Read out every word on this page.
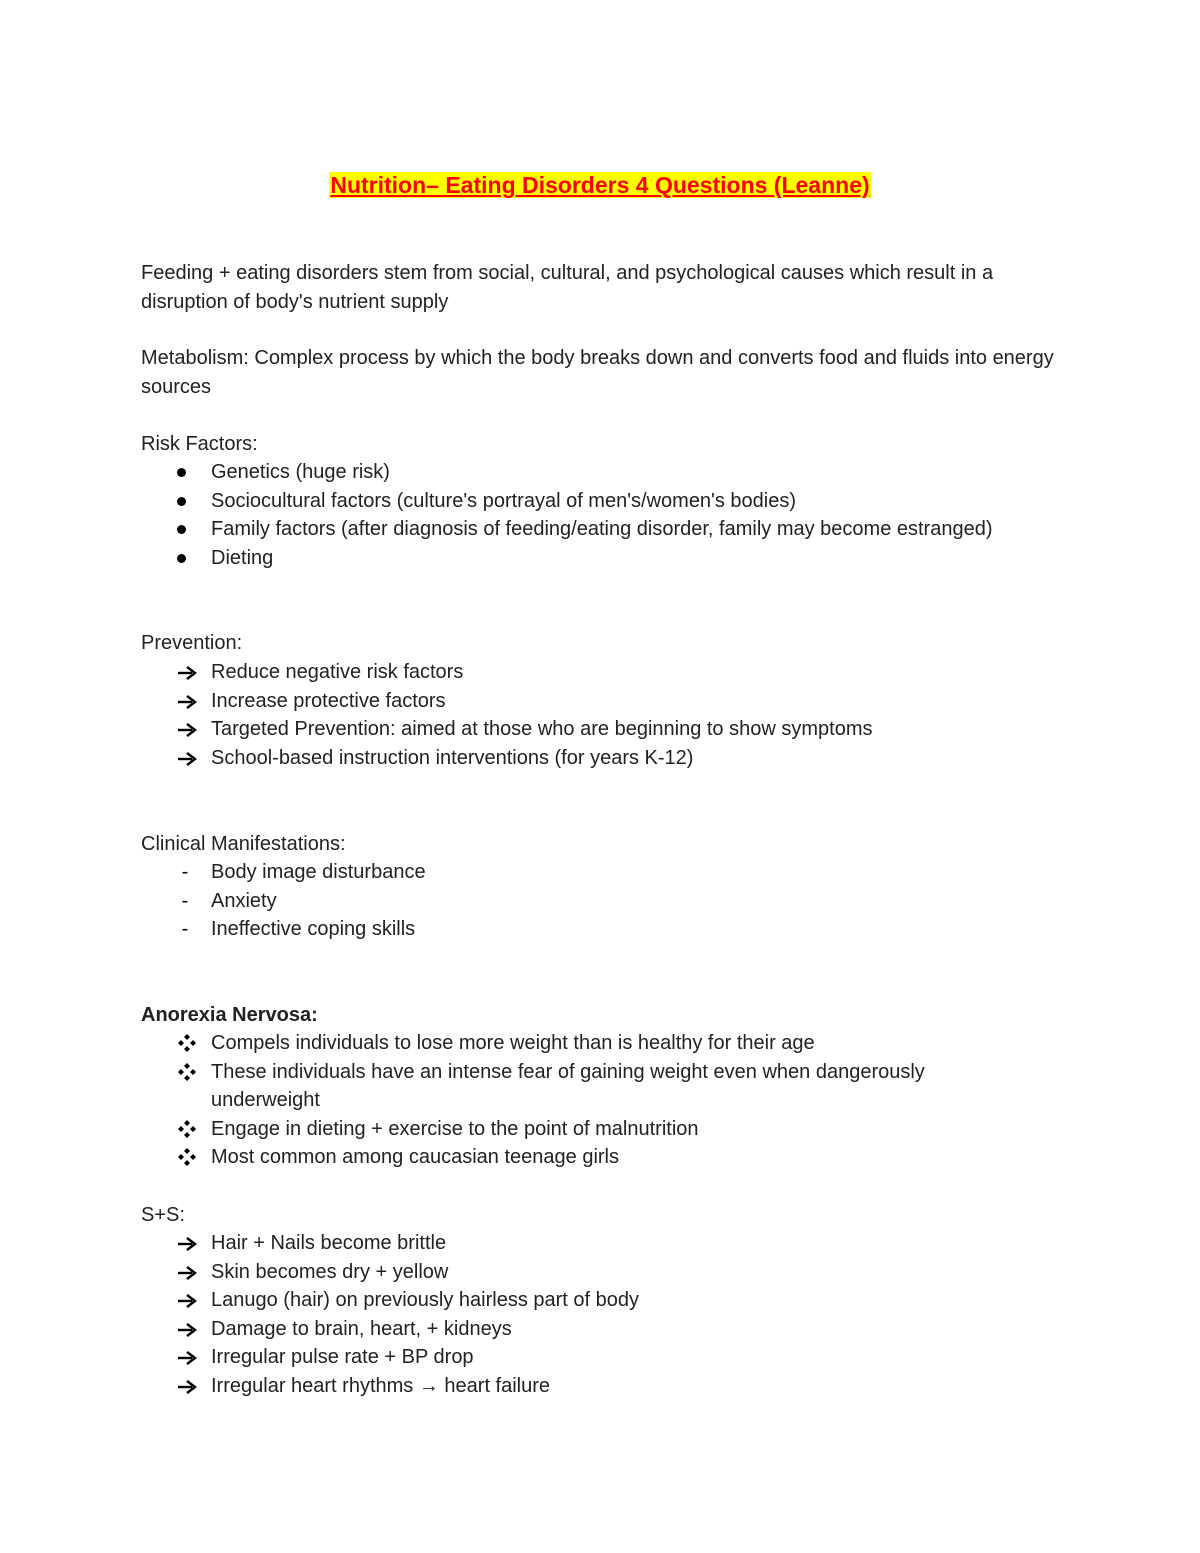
Nutrition– Eating Disorders 4 Questions (Leanne)

Feeding + eating disorders stem from social, cultural, and psychological causes which result in a disruption of body's nutrient supply

Metabolism: Complex process by which the body breaks down and converts food and fluids into energy sources

Risk Factors:

Genetics (huge risk)
Sociocultural factors (culture's portrayal of men's/women's bodies)
Family factors (after diagnosis of feeding/eating disorder, family may become estranged)
Dieting

Prevention:

Reduce negative risk factors
Increase protective factors
Targeted Prevention: aimed at those who are beginning to show symptoms
School-based instruction interventions (for years K-12)

Clinical Manifestations:

-	Body image disturbance
-	Anxiety
-	Ineffective coping skills

Anorexia Nervosa:

Compels individuals to lose more weight than is healthy for their age
These individuals have an intense fear of gaining weight even when dangerously underweight
Engage in dieting + exercise to the point of malnutrition
Most common among caucasian teenage girls

S+S:

Hair + Nails become brittle
Skin becomes dry + yellow
Lanugo (hair) on previously hairless part of body
Damage to brain, heart, + kidneys
Irregular pulse rate + BP drop
Irregular heart rhythms → heart failure
